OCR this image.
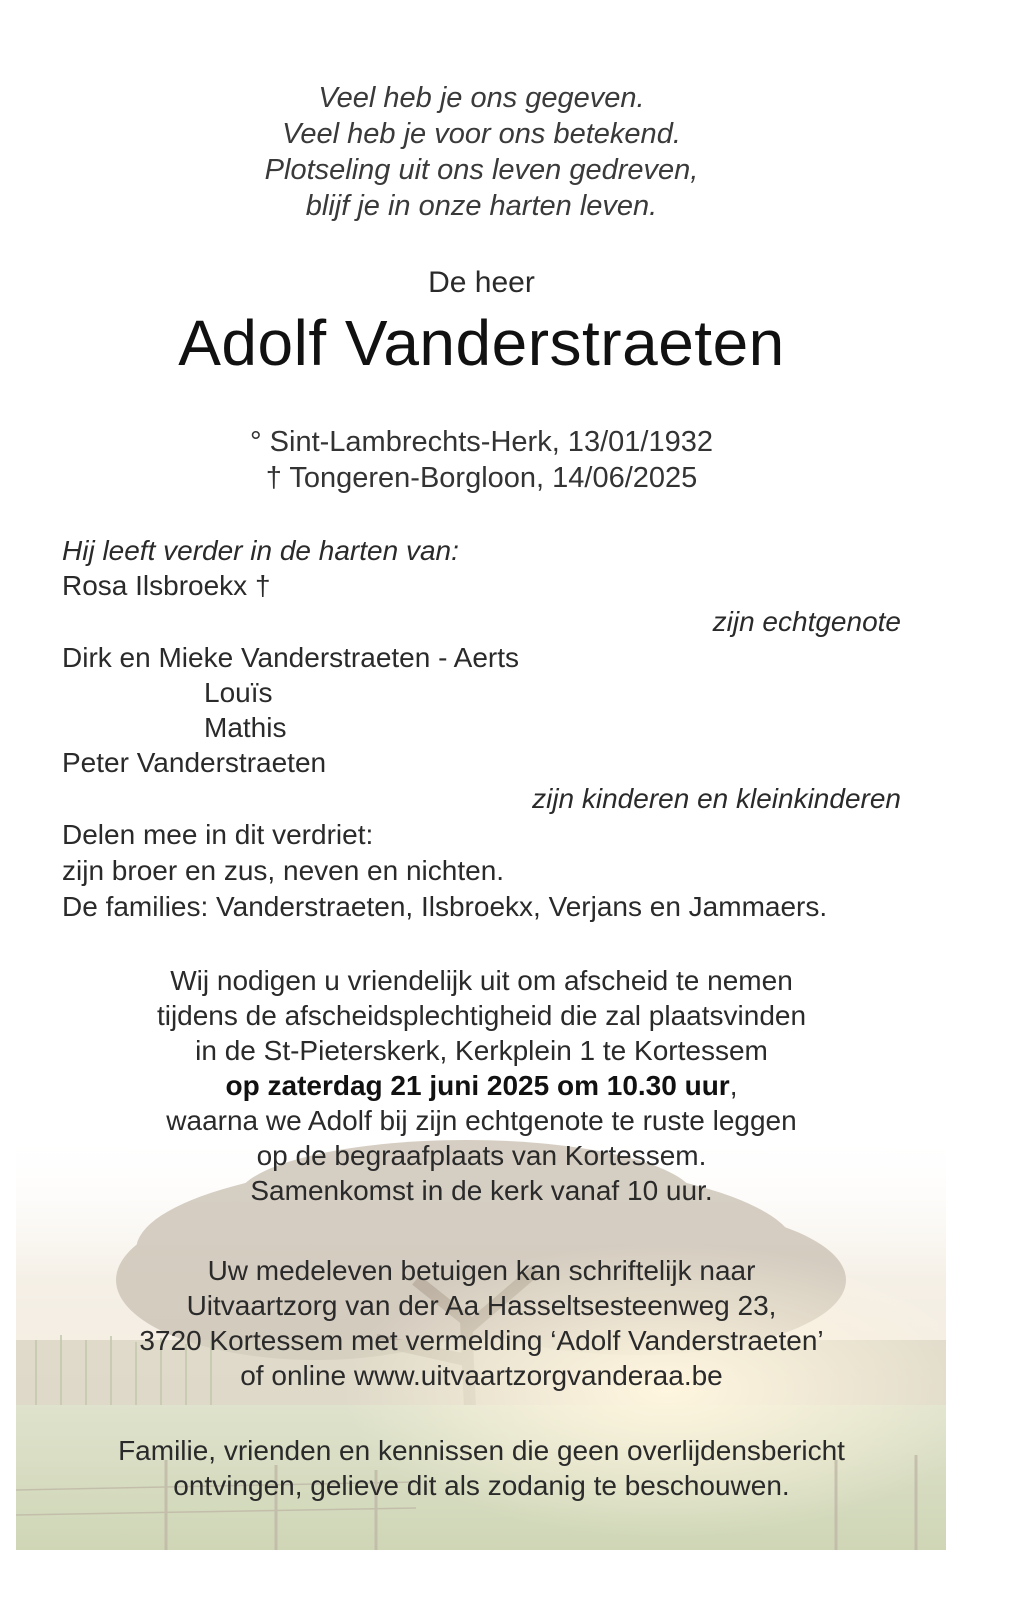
Veel heb je ons gegeven.
Veel heb je voor ons betekend.
Plotseling uit ons leven gedreven,
blijf je in onze harten leven.
De heer
Adolf Vanderstraeten
° Sint-Lambrechts-Herk, 13/01/1932
† Tongeren-Borgloon, 14/06/2025
Hij leeft verder in de harten van:
Rosa Ilsbroekx †
zijn echtgenote
Dirk en Mieke Vanderstraeten - Aerts
Louïs
Mathis
Peter Vanderstraeten
zijn kinderen en kleinkinderen
Delen mee in dit verdriet:
zijn broer en zus, neven en nichten.
De families: Vanderstraeten, Ilsbroekx, Verjans en Jammaers.
Wij nodigen u vriendelijk uit om afscheid te nemen
tijdens de afscheidsplechtigheid die zal plaatsvinden
in de St-Pieterskerk, Kerkplein 1 te Kortessem
op zaterdag 21 juni 2025 om 10.30 uur,
waarna we Adolf bij zijn echtgenote te ruste leggen
op de begraafplaats van Kortessem.
Samenkomst in de kerk vanaf 10 uur.
Uw medeleven betuigen kan schriftelijk naar
Uitvaartzorg van der Aa Hasseltsesteenweg 23,
3720 Kortessem met vermelding ‘Adolf Vanderstraeten’
of online www.uitvaartzorgvanderaa.be
Familie, vrienden en kennissen die geen overlijdensbericht
ontvingen, gelieve dit als zodanig te beschouwen.
